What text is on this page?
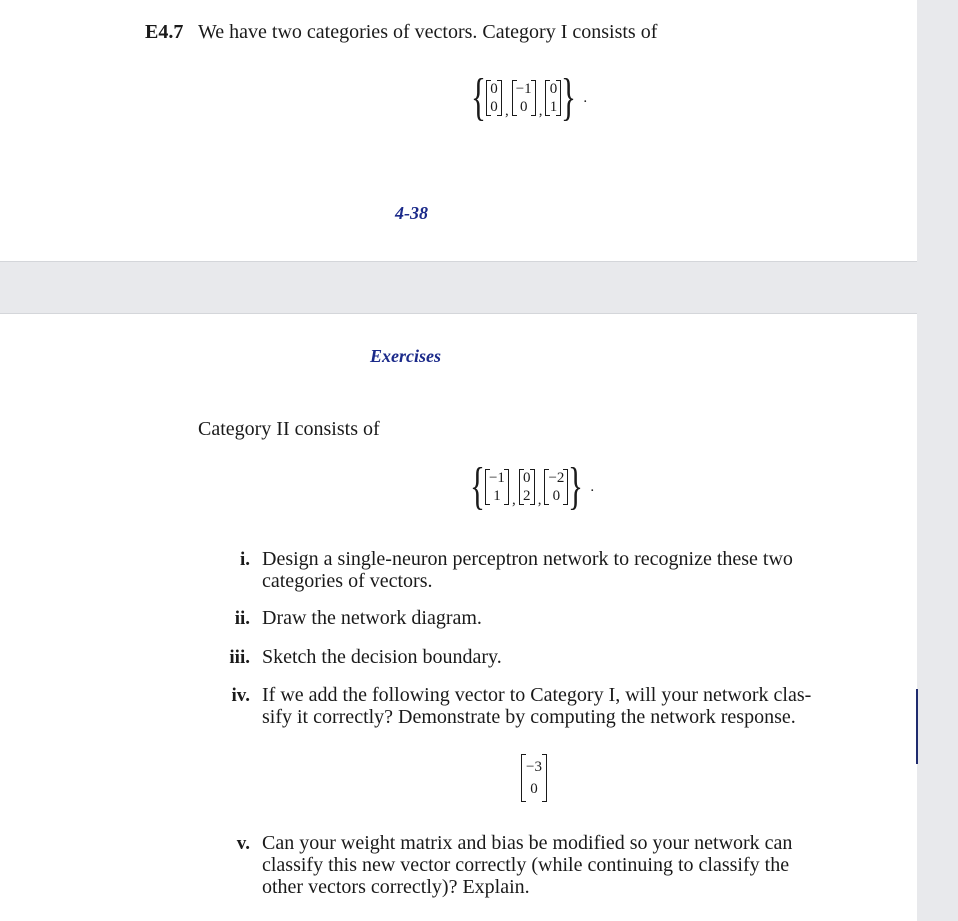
E4.7 We have two categories of vectors. Category I consists of
{ 0
0 ,
−1
0 ,
0
1 } .
4-38
Exercises
Category II consists of
{ −1
1 ,
0
2 ,
−2
0 } .
i. Design a single-neuron perceptron network to recognize these two
categories of vectors.
ii. Draw the network diagram.
iii. Sketch the decision boundary.
iv. If we add the following vector to Category I, will your network clas-
sify it correctly? Demonstrate by computing the network response.
−3
0
v. Can your weight matrix and bias be modified so your network can
classify this new vector correctly (while continuing to classify the
other vectors correctly)? Explain.
